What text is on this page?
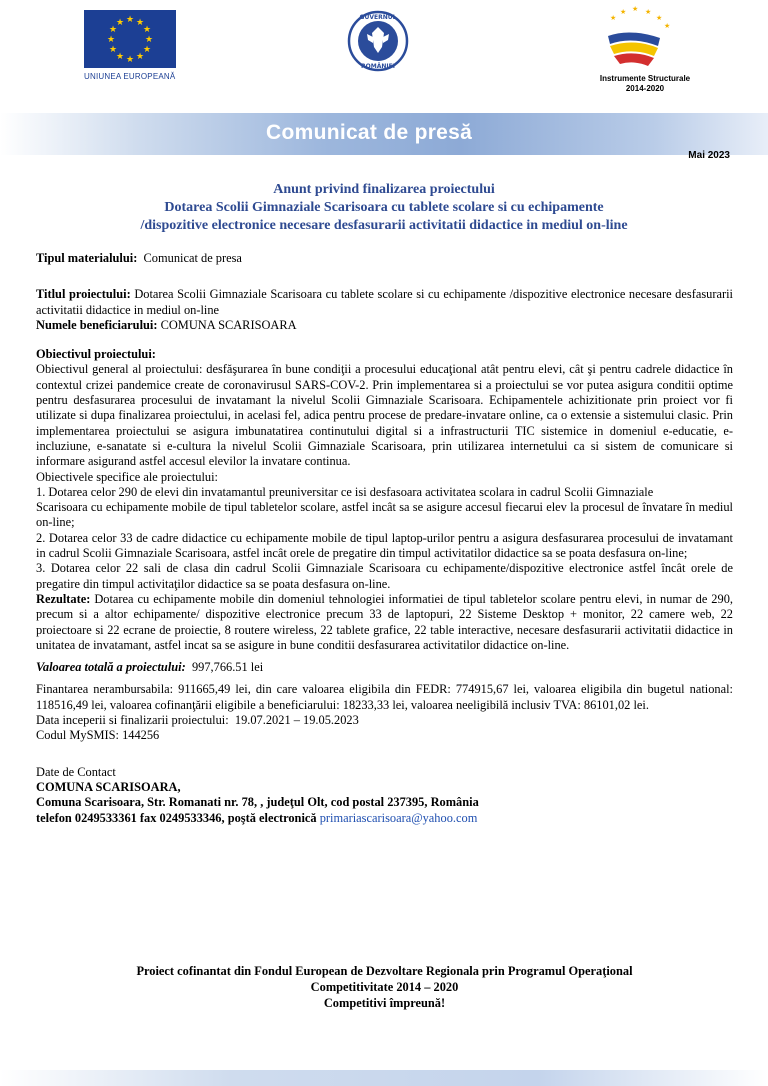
★ ★
★
★
★
★
★
★
★
★
★
★
UNIUNEA EUROPEANĂ
GUVERNUL
ROMÂNIEI
★
★ ★ ★
★
★
Instrumente Structurale
2014-2020
Comunicat de presă
Mai 2023
Anunt privind finalizarea proiectului
Dotarea Scolii Gimnaziale Scarisoara cu tablete scolare si cu echipamente
/dispozitive electronice necesare desfasurarii activitatii didactice in mediul on-line

Tipul materialului: Comunicat de presa

Titlul proiectului: Dotarea Scolii Gimnaziale Scarisoara cu tablete scolare si cu echipamente /dispozitive electronice necesare desfasurarii activitatii didactice in mediul on-line

Numele beneficiarului: COMUNA SCARISOARA

Obiectivul proiectului:

Obiectivul general al proiectului: desfăşurarea în bune condiţii a procesului educaţional atât pentru elevi, cât şi pentru cadrele didactice în contextul crizei pandemice create de coronavirusul SARS-COV-2. Prin implementarea si a proiectului se vor putea asigura conditii optime pentru desfasurarea procesului de invatamant la nivelul Scolii Gimnaziale Scarisoara. Echipamentele achizitionate prin proiect vor fi utilizate si dupa finalizarea proiectului, in acelasi fel, adica pentru procese de predare-invatare online, ca o extensie a sistemului clasic. Prin implementarea proiectului se asigura imbunatatirea continutului digital si a infrastructurii TIC sistemice in domeniul e-educatie, e-incluziune, e-sanatate si e-cultura la nivelul Scolii Gimnaziale Scarisoara, prin utilizarea internetului ca si sistem de comunicare si informare asigurand astfel accesul elevilor la invatare continua.

Obiectivele specifice ale proiectului:

1. Dotarea celor 290 de elevi din invatamantul preuniversitar ce isi desfasoara activitatea scolara in cadrul Scolii Gimnaziale

Scarisoara cu echipamente mobile de tipul tabletelor scolare, astfel incât sa se asigure accesul fiecarui elev la procesul de învatare în mediul on-line;

2. Dotarea celor 33 de cadre didactice cu echipamente mobile de tipul laptop-urilor pentru a asigura desfasurarea procesului de invatamant in cadrul Scolii Gimnaziale Scarisoara, astfel incât orele de pregatire din timpul activitatilor didactice sa se poata desfasura on-line;

3. Dotarea celor 22 sali de clasa din cadrul Scolii Gimnaziale Scarisoara cu echipamente/dispozitive electronice astfel încât orele de pregatire din timpul activitaţilor didactice sa se poata desfasura on-line.

Rezultate: Dotarea cu echipamente mobile din domeniul tehnologiei informatiei de tipul tabletelor scolare pentru elevi, in numar de 290, precum si a altor echipamente/ dispozitive electronice precum 33 de laptopuri, 22 Sisteme Desktop + monitor, 22 camere web, 22 proiectoare si 22 ecrane de proiectie, 8 routere wireless, 22 tablete grafice, 22 table interactive, necesare desfasurarii activitatii didactice in unitatea de invatamant, astfel incat sa se asigure in bune conditii desfasurarea activitatilor didactice on-line.

Valoarea totală a proiectului: 997,766.51 lei

Finantarea nerambursabila: 911665,49 lei, din care valoarea eligibila din FEDR: 774915,67 lei, valoarea eligibila din bugetul national: 118516,49 lei, valoarea cofinanţării eligibile a beneficiarului: 18233,33 lei, valoarea neeligibilă inclusiv TVA: 86101,02 lei.

Data inceperii si finalizarii proiectului: 19.07.2021 – 19.05.2023

Codul MySMIS: 144256

Date de Contact

COMUNA SCARISOARA,

Comuna Scarisoara, Str. Romanati nr. 78, , judeţul Olt, cod postal 237395, România

telefon 0249533361 fax 0249533346, poştă electronică primariascarisoara@yahoo.com

Proiect cofinantat din Fondul European de Dezvoltare Regionala prin Programul Operaţional
Competitivitate 2014 – 2020
Competitivi împreună!
